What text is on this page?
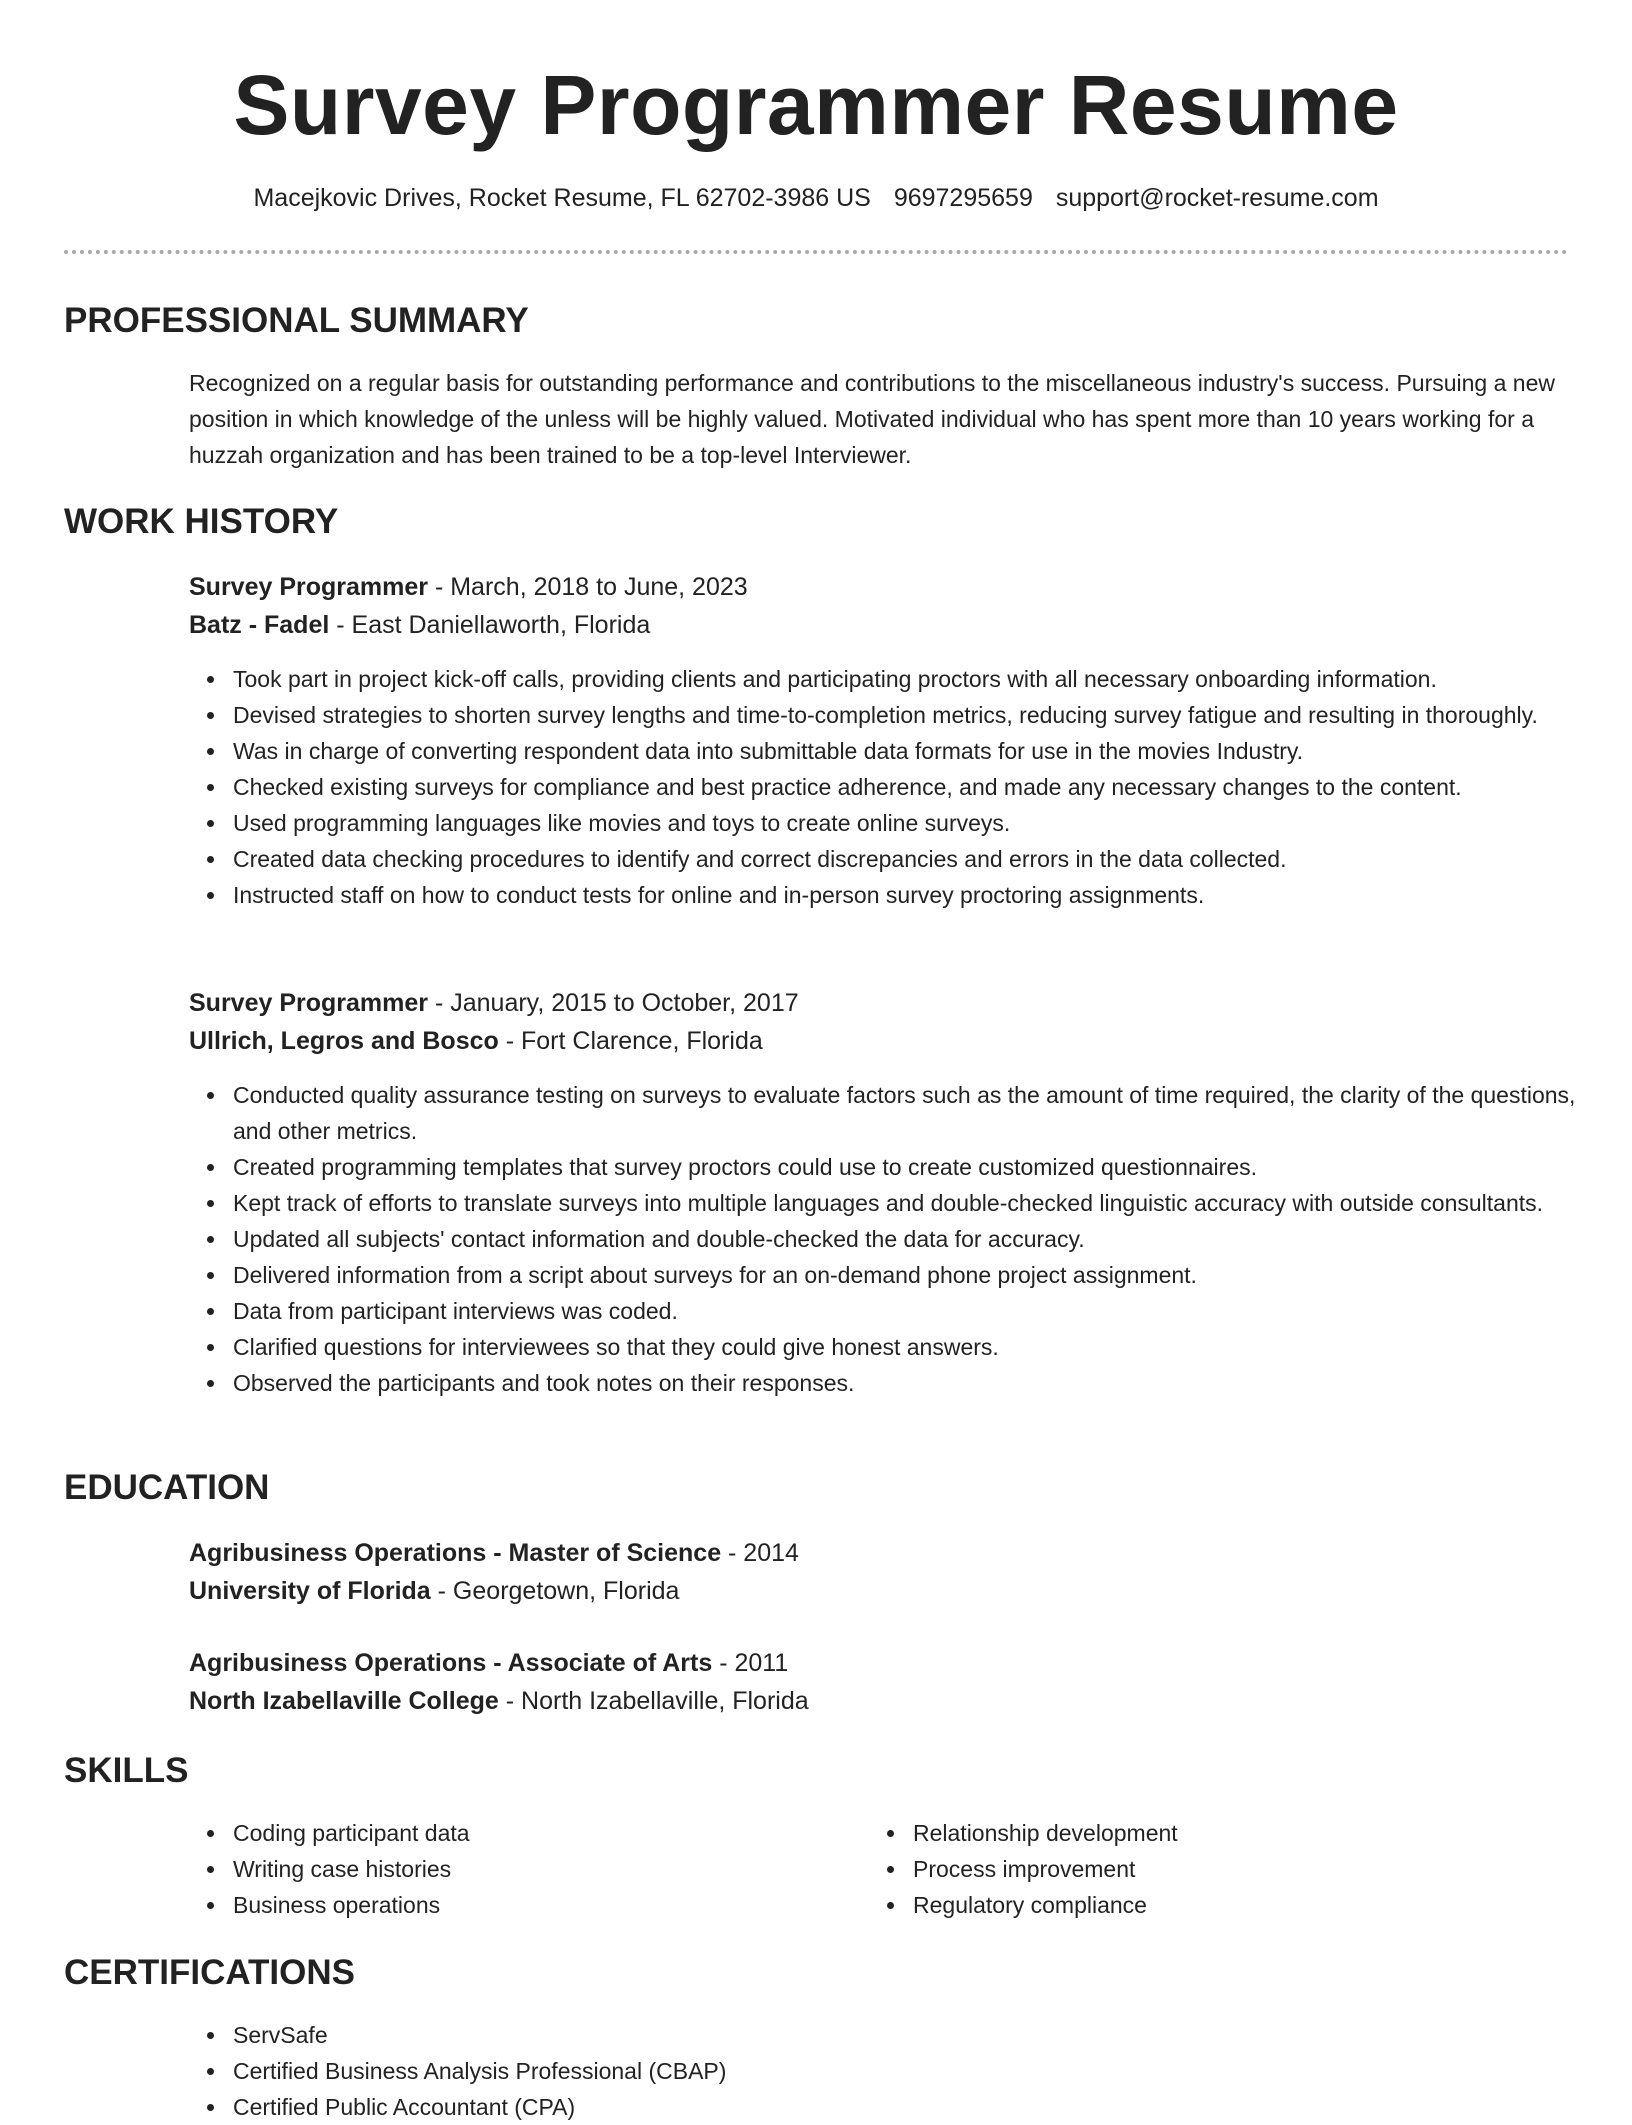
Survey Programmer Resume
Macejkovic Drives, Rocket Resume, FL 62702-3986 US 9697295659 support@rocket-resume.com
PROFESSIONAL SUMMARY

Recognized on a regular basis for outstanding performance and contributions to the miscellaneous industry's success. Pursuing a new position in which knowledge of the unless will be highly valued. Motivated individual who has spent more than 10 years working for a huzzah organization and has been trained to be a top-level Interviewer.

WORK HISTORY
Survey Programmer - March, 2018 to June, 2023
Batz - Fadel - East Daniellaworth, Florida
Took part in project kick-off calls, providing clients and participating proctors with all necessary onboarding information.
Devised strategies to shorten survey lengths and time-to-completion metrics, reducing survey fatigue and resulting in thoroughly.
Was in charge of converting respondent data into submittable data formats for use in the movies Industry.
Checked existing surveys for compliance and best practice adherence, and made any necessary changes to the content.
Used programming languages like movies and toys to create online surveys.
Created data checking procedures to identify and correct discrepancies and errors in the data collected.
Instructed staff on how to conduct tests for online and in-person survey proctoring assignments.
Survey Programmer - January, 2015 to October, 2017
Ullrich, Legros and Bosco - Fort Clarence, Florida
Conducted quality assurance testing on surveys to evaluate factors such as the amount of time required, the clarity of the questions, and other metrics.
Created programming templates that survey proctors could use to create customized questionnaires.
Kept track of efforts to translate surveys into multiple languages and double-checked linguistic accuracy with outside consultants.
Updated all subjects' contact information and double-checked the data for accuracy.
Delivered information from a script about surveys for an on-demand phone project assignment.
Data from participant interviews was coded.
Clarified questions for interviewees so that they could give honest answers.
Observed the participants and took notes on their responses.
EDUCATION
Agribusiness Operations - Master of Science - 2014
University of Florida - Georgetown, Florida
Agribusiness Operations - Associate of Arts - 2011
North Izabellaville College - North Izabellaville, Florida
SKILLS
Coding participant data
Writing case histories
Business operations
Relationship development
Process improvement
Regulatory compliance
CERTIFICATIONS
ServSafe
Certified Business Analysis Professional (CBAP)
Certified Public Accountant (CPA)
